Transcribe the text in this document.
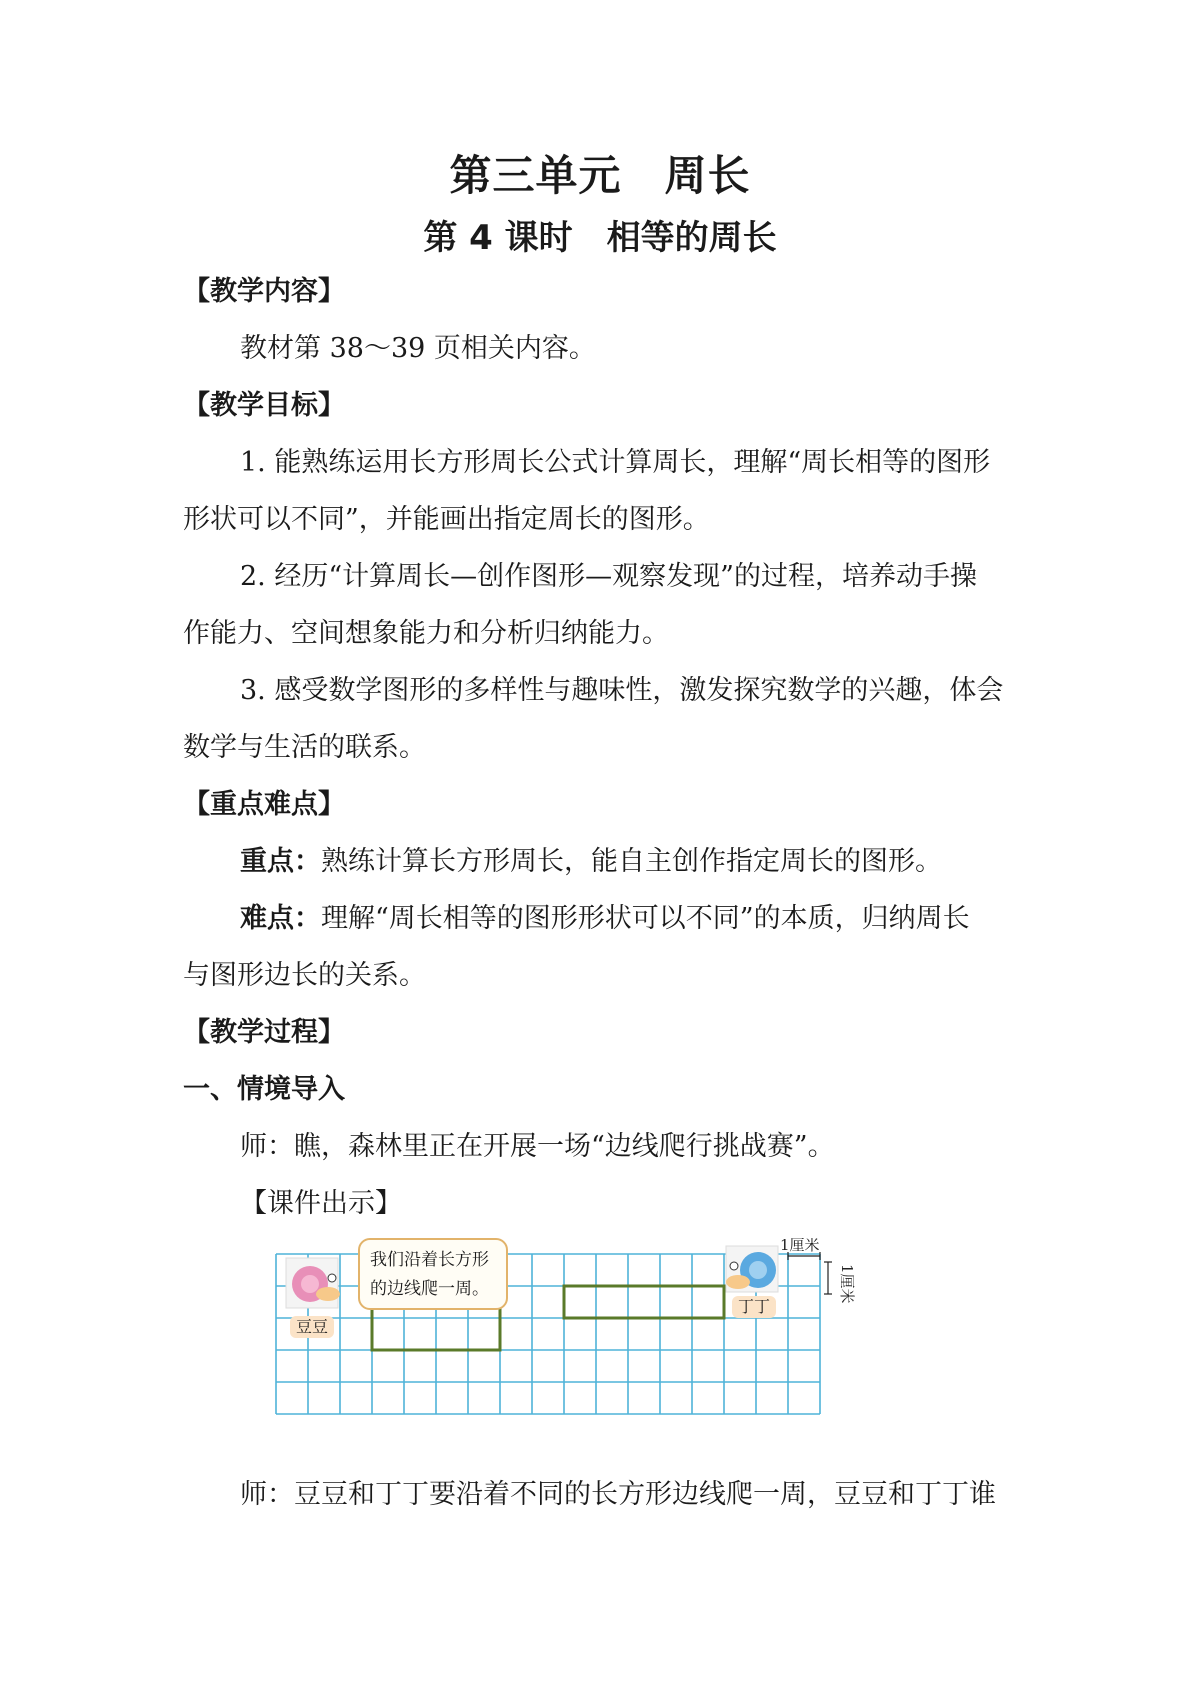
第三单元　周长
第 4 课时　相等的周长
【教学内容】
教材第 38～39 页相关内容。
【教学目标】
1. 能熟练运用长方形周长公式计算周长，理解“周长相等的图形
形状可以不同”，并能画出指定周长的图形。
2. 经历“计算周长—创作图形—观察发现”的过程，培养动手操
作能力、空间想象能力和分析归纳能力。
3. 感受数学图形的多样性与趣味性，激发探究数学的兴趣，体会
数学与生活的联系。
【重点难点】
重点：熟练计算长方形周长，能自主创作指定周长的图形。
难点：理解“周长相等的图形形状可以不同”的本质，归纳周长
与图形边长的关系。
【教学过程】
一、情境导入
师：瞧，森林里正在开展一场“边线爬行挑战赛”。
【课件出示】
1厘米
1厘米
我们沿着长方形
的边线爬一周。
豆豆
丁丁
师：豆豆和丁丁要沿着不同的长方形边线爬一周，豆豆和丁丁谁
